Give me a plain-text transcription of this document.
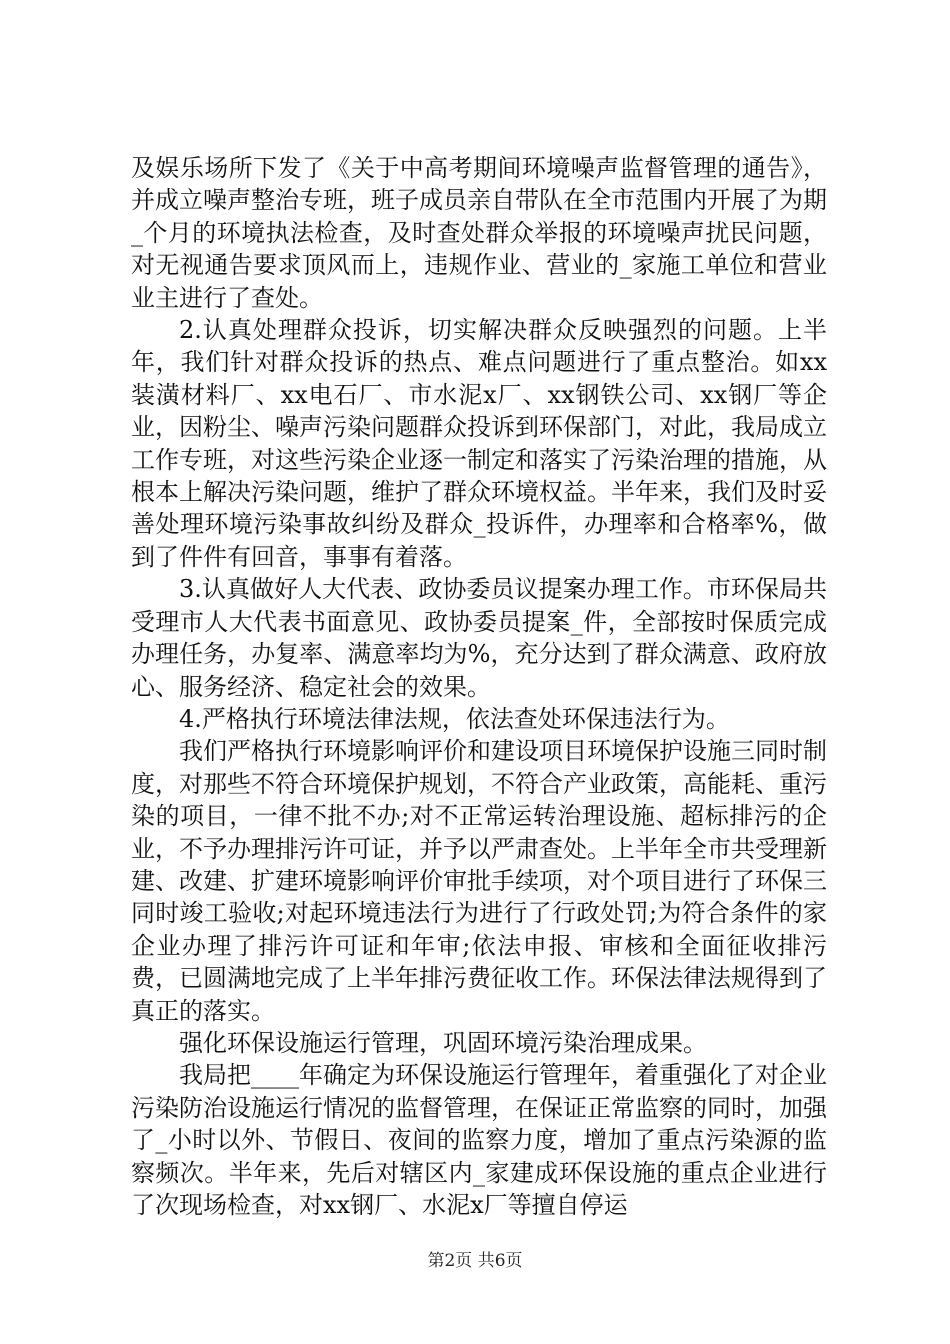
及娱乐场所下发了《关于中高考期间环境噪声监督管理的通告》，并成立噪声整治专班，班子成员亲自带队在全市范围内开展了为期_个月的环境执法检查，及时查处群众举报的环境噪声扰民问题，对无视通告要求顶风而上，违规作业、营业的_家施工单位和营业业主进行了查处。

2.认真处理群众投诉，切实解决群众反映强烈的问题。上半年，我们针对群众投诉的热点、难点问题进行了重点整治。如xx装潢材料厂、xx电石厂、市水泥x厂、xx钢铁公司、xx钢厂等企业，因粉尘、噪声污染问题群众投诉到环保部门，对此，我局成立工作专班，对这些污染企业逐一制定和落实了污染治理的措施，从根本上解决污染问题，维护了群众环境权益。半年来，我们及时妥善处理环境污染事故纠纷及群众_投诉件，办理率和合格率%，做到了件件有回音，事事有着落。

3.认真做好人大代表、政协委员议提案办理工作。市环保局共受理市人大代表书面意见、政协委员提案_件，全部按时保质完成办理任务，办复率、满意率均为%，充分达到了群众满意、政府放心、服务经济、稳定社会的效果。

4.严格执行环境法律法规，依法查处环保违法行为。

我们严格执行环境影响评价和建设项目环境保护设施三同时制度，对那些不符合环境保护规划，不符合产业政策，高能耗、重污染的项目，一律不批不办;对不正常运转治理设施、超标排污的企业，不予办理排污许可证，并予以严肃查处。上半年全市共受理新建、改建、扩建环境影响评价审批手续项，对个项目进行了环保三同时竣工验收;对起环境违法行为进行了行政处罚;为符合条件的家企业办理了排污许可证和年审;依法申报、审核和全面征收排污费，已圆满地完成了上半年排污费征收工作。环保法律法规得到了真正的落实。

强化环保设施运行管理，巩固环境污染治理成果。

我局把____年确定为环保设施运行管理年，着重强化了对企业污染防治设施运行情况的监督管理，在保证正常监察的同时，加强了_小时以外、节假日、夜间的监察力度，增加了重点污染源的监察频次。半年来，先后对辖区内_家建成环保设施的重点企业进行了次现场检查，对xx钢厂、水泥x厂等擅自停运

第2页 共6页
